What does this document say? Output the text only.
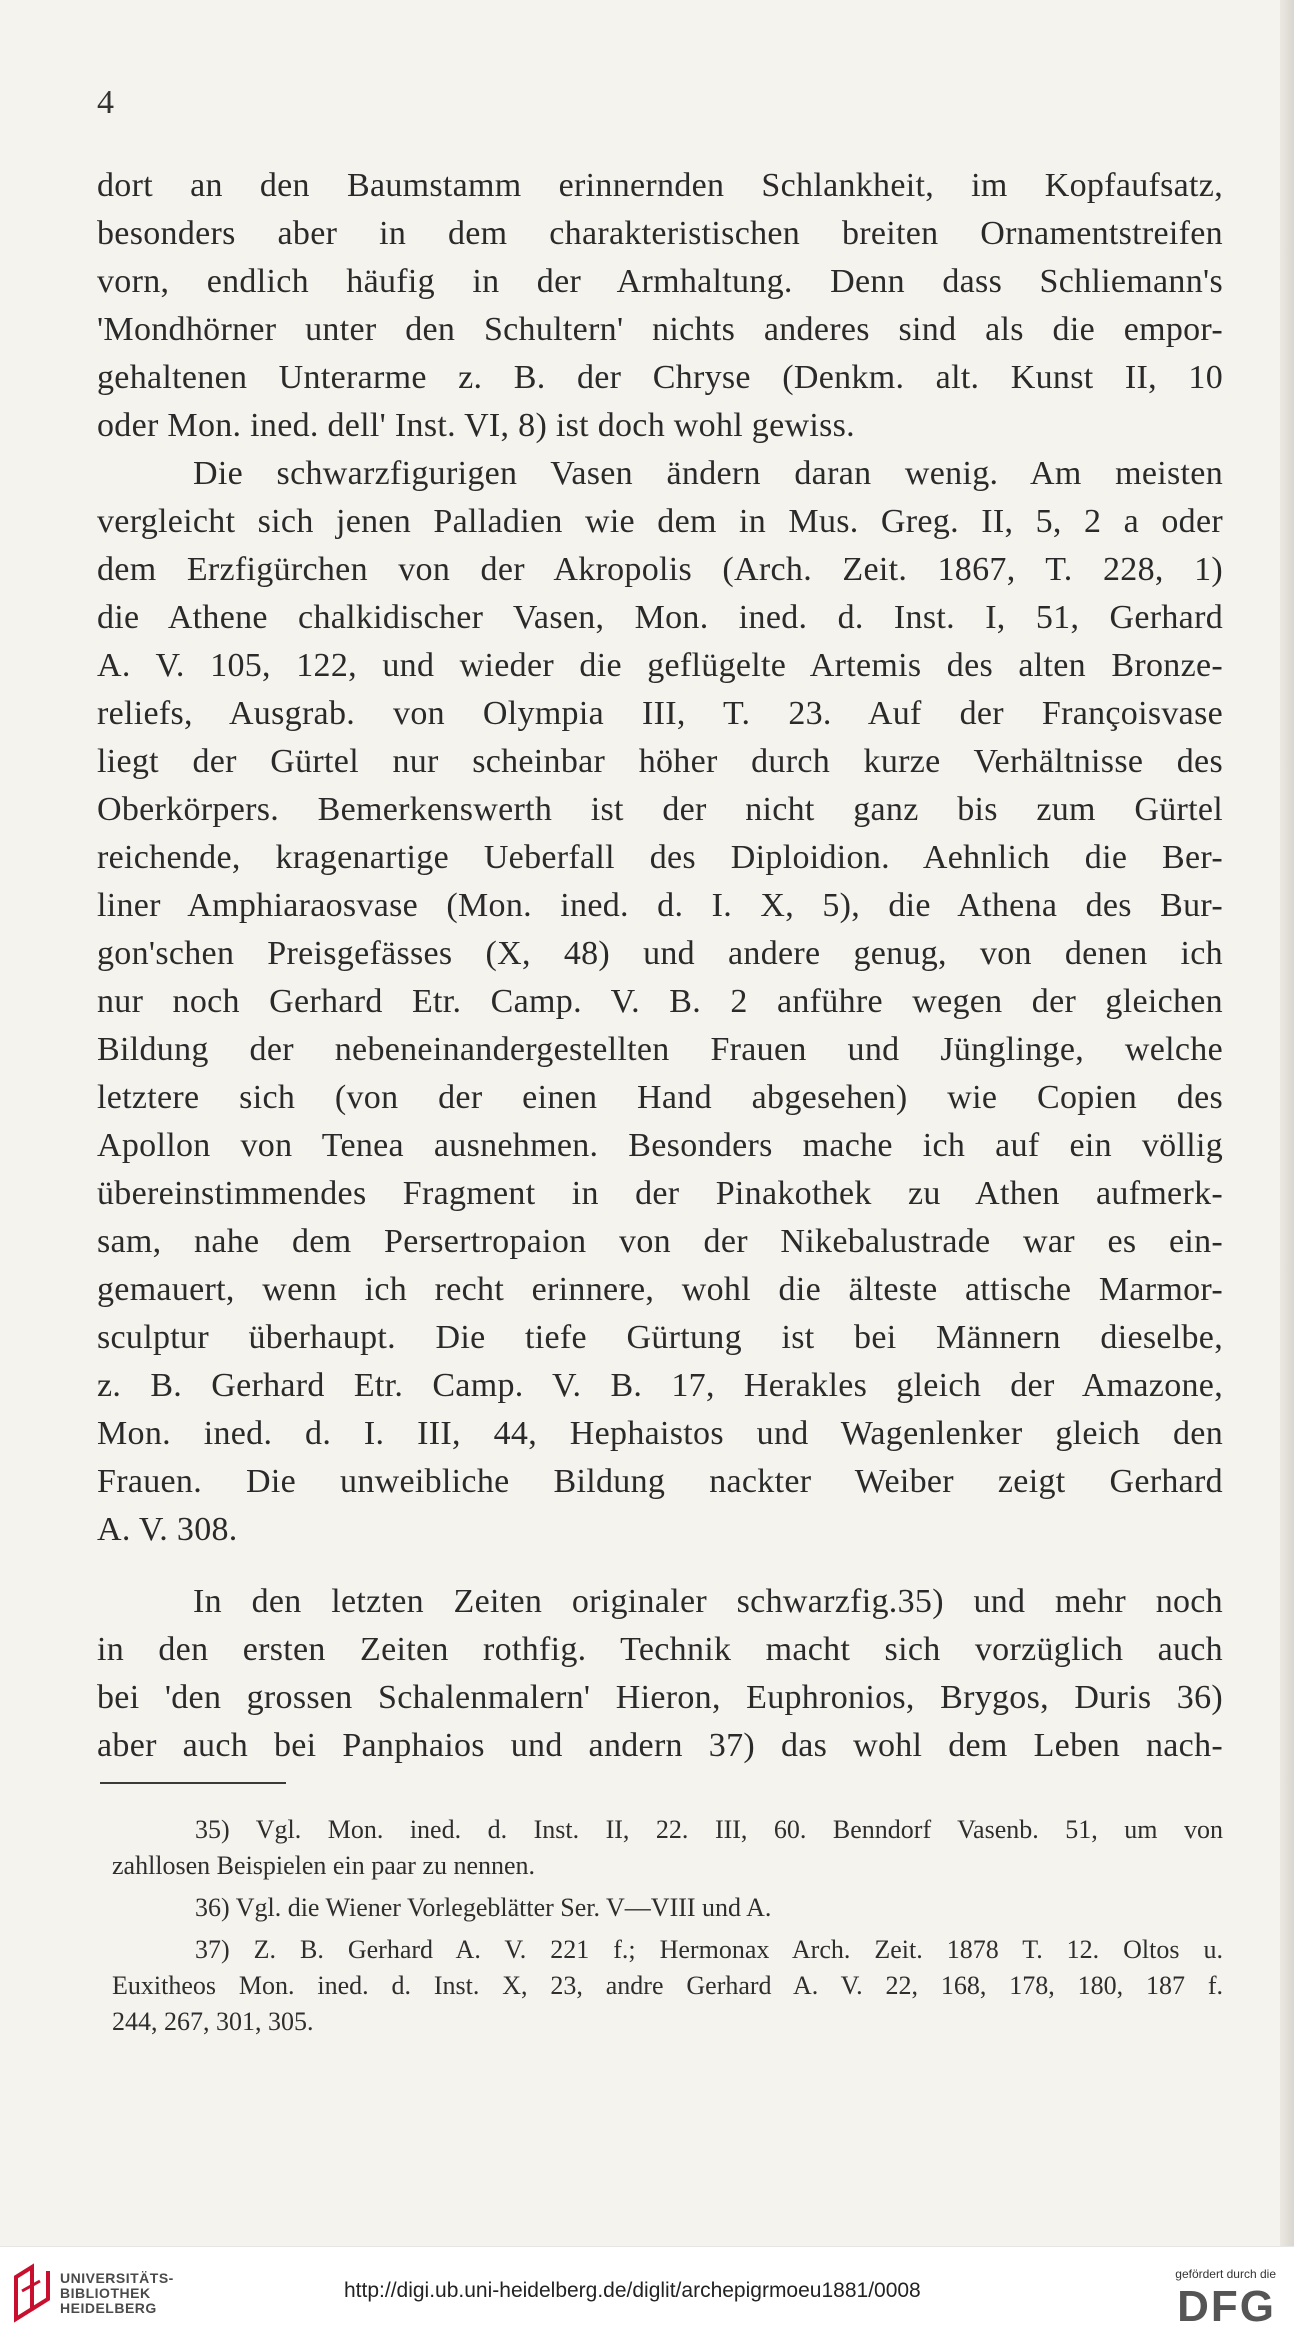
4

dort an den Baumstamm erinnernden Schlankheit, im Kopfaufsatz,

besonders aber in dem charakteristischen breiten Ornamentstreifen

vorn, endlich häufig in der Armhaltung. Denn dass Schliemann's

'Mondhörner unter den Schultern' nichts anderes sind als die empor-

gehaltenen Unterarme z. B. der Chryse (Denkm. alt. Kunst II, 10

oder Mon. ined. dell' Inst. VI, 8) ist doch wohl gewiss.

Die schwarzfigurigen Vasen ändern daran wenig. Am meisten

vergleicht sich jenen Palladien wie dem in Mus. Greg. II, 5, 2 a oder

dem Erzfigürchen von der Akropolis (Arch. Zeit. 1867, T. 228, 1)

die Athene chalkidischer Vasen, Mon. ined. d. Inst. I, 51, Gerhard

A. V. 105, 122, und wieder die geflügelte Artemis des alten Bronze-

reliefs, Ausgrab. von Olympia III, T. 23. Auf der Françoisvase

liegt der Gürtel nur scheinbar höher durch kurze Verhältnisse des

Oberkörpers. Bemerkenswerth ist der nicht ganz bis zum Gürtel

reichende, kragenartige Ueberfall des Diploidion. Aehnlich die Ber-

liner Amphiaraosvase (Mon. ined. d. I. X, 5), die Athena des Bur-

gon'schen Preisgefässes (X, 48) und andere genug, von denen ich

nur noch Gerhard Etr. Camp. V. B. 2 anführe wegen der gleichen

Bildung der nebeneinandergestellten Frauen und Jünglinge, welche

letztere sich (von der einen Hand abgesehen) wie Copien des

Apollon von Tenea ausnehmen. Besonders mache ich auf ein völlig

übereinstimmendes Fragment in der Pinakothek zu Athen aufmerk-

sam, nahe dem Persertropaion von der Nikebalustrade war es ein-

gemauert, wenn ich recht erinnere, wohl die älteste attische Marmor-

sculptur überhaupt. Die tiefe Gürtung ist bei Männern dieselbe,

z. B. Gerhard Etr. Camp. V. B. 17, Herakles gleich der Amazone,

Mon. ined. d. I. III, 44, Hephaistos und Wagenlenker gleich den

Frauen. Die unweibliche Bildung nackter Weiber zeigt Gerhard

A. V. 308.

In den letzten Zeiten originaler schwarzfig.35) und mehr noch

in den ersten Zeiten rothfig. Technik macht sich vorzüglich auch

bei 'den grossen Schalenmalern' Hieron, Euphronios, Brygos, Duris 36)

aber auch bei Panphaios und andern 37) das wohl dem Leben nach-

35) Vgl. Mon. ined. d. Inst. II, 22. III, 60. Benndorf Vasenb. 51, um von

zahllosen Beispielen ein paar zu nennen.

36) Vgl. die Wiener Vorlegeblätter Ser. V—VIII und A.

37) Z. B. Gerhard A. V. 221 f.; Hermonax Arch. Zeit. 1878 T. 12. Oltos u.

Euxitheos Mon. ined. d. Inst. X, 23, andre Gerhard A. V. 22, 168, 178, 180, 187 f.

244, 267, 301, 305.

UNIVERSITÄTS-
BIBLIOTHEK
HEIDELBERG
http://digi.ub.uni-heidelberg.de/diglit/archepigrmoeu1881/0008
gefördert durch die
DFG
